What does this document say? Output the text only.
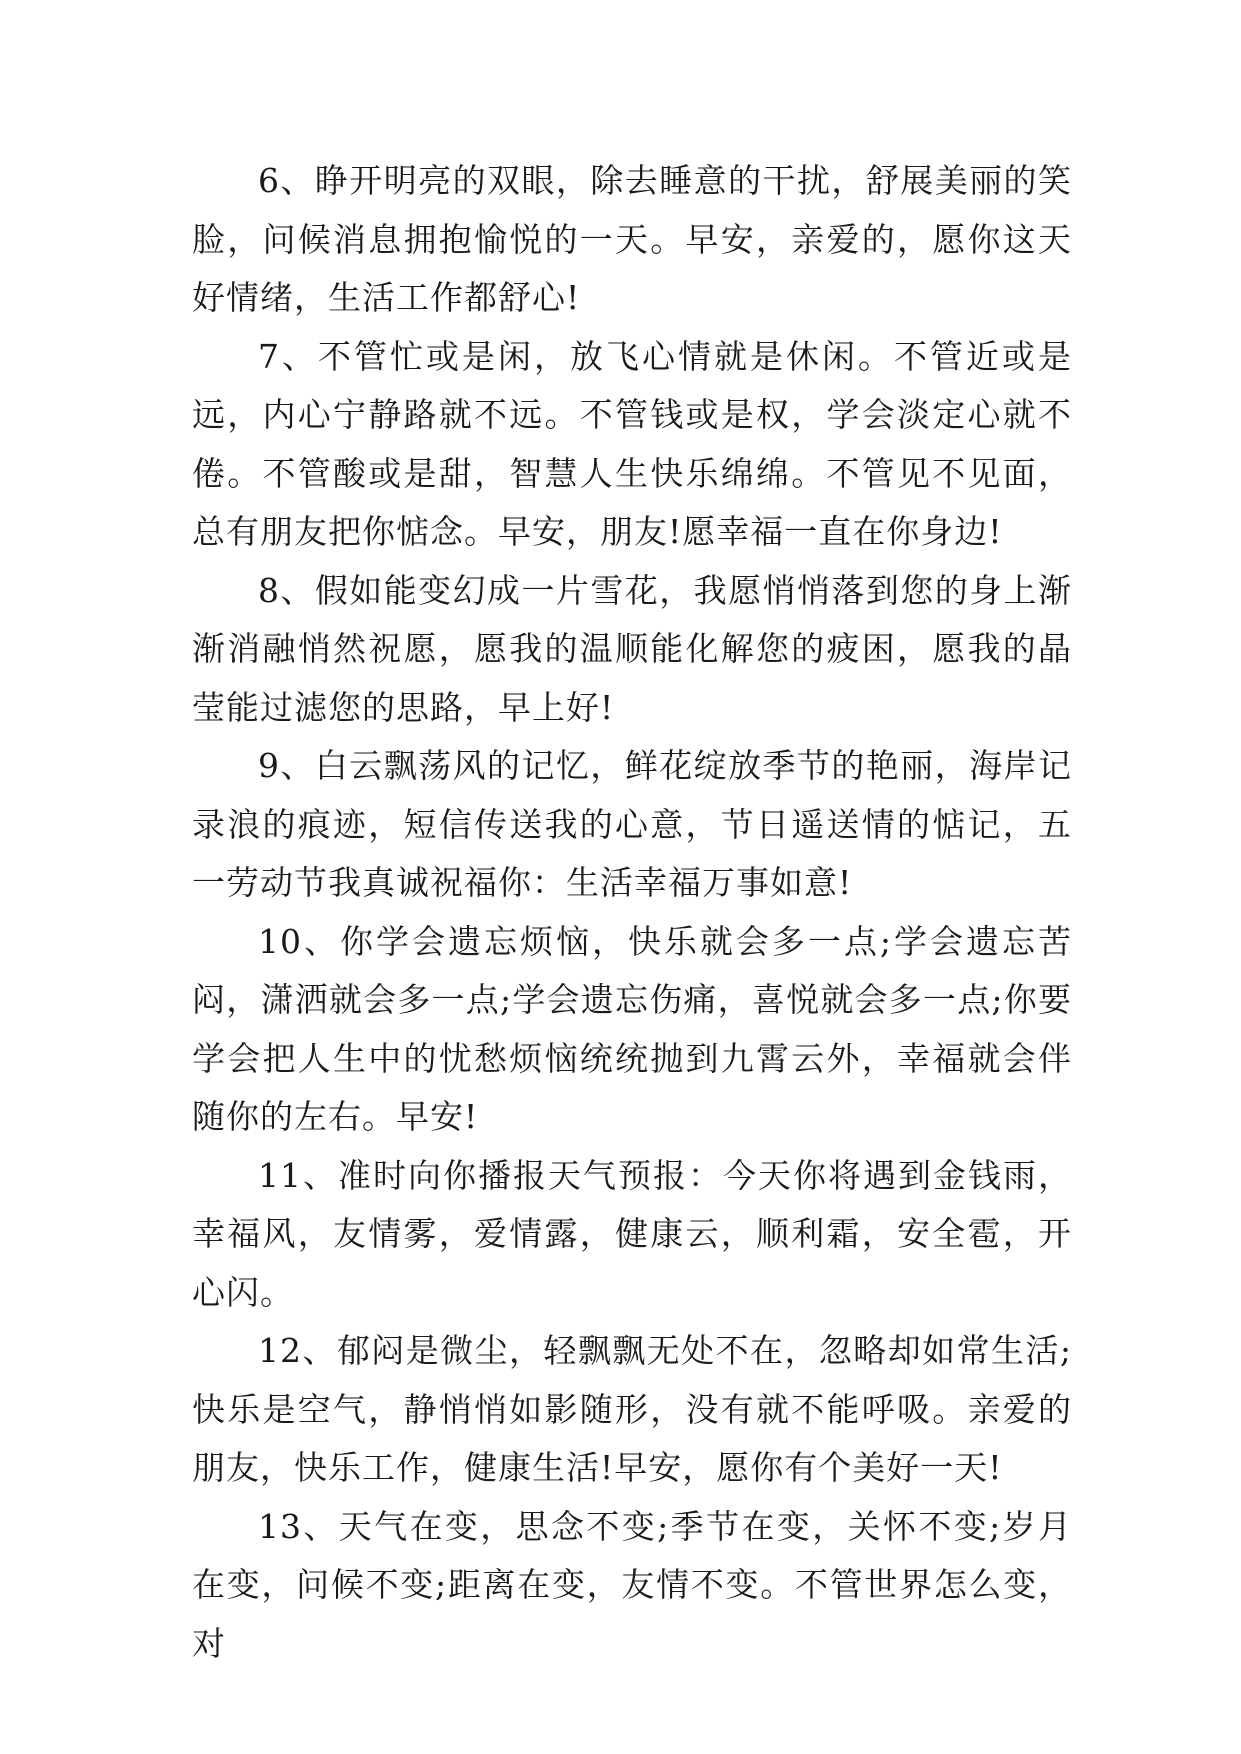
6、睁开明亮的双眼，除去睡意的干扰，舒展美丽的笑脸，问候消息拥抱愉悦的一天。早安，亲爱的，愿你这天好情绪，生活工作都舒心!

7、不管忙或是闲，放飞心情就是休闲。不管近或是远，内心宁静路就不远。不管钱或是权，学会淡定心就不倦。不管酸或是甜，智慧人生快乐绵绵。不管见不见面，总有朋友把你惦念。早安，朋友!愿幸福一直在你身边!

8、假如能变幻成一片雪花，我愿悄悄落到您的身上渐渐消融悄然祝愿，愿我的温顺能化解您的疲困，愿我的晶莹能过滤您的思路，早上好!

9、白云飘荡风的记忆，鲜花绽放季节的艳丽，海岸记录浪的痕迹，短信传送我的心意，节日遥送情的惦记，五一劳动节我真诚祝福你：生活幸福万事如意!

10、你学会遗忘烦恼，快乐就会多一点;学会遗忘苦闷，潇洒就会多一点;学会遗忘伤痛，喜悦就会多一点;你要学会把人生中的忧愁烦恼统统抛到九霄云外，幸福就会伴随你的左右。早安!

11、准时向你播报天气预报：今天你将遇到金钱雨，幸福风，友情雾，爱情露，健康云，顺利霜，安全雹，开心闪。

12、郁闷是微尘，轻飘飘无处不在，忽略却如常生活;快乐是空气，静悄悄如影随形，没有就不能呼吸。亲爱的朋友，快乐工作，健康生活!早安，愿你有个美好一天!

13、天气在变，思念不变;季节在变，关怀不变;岁月在变，问候不变;距离在变，友情不变。不管世界怎么变，对
